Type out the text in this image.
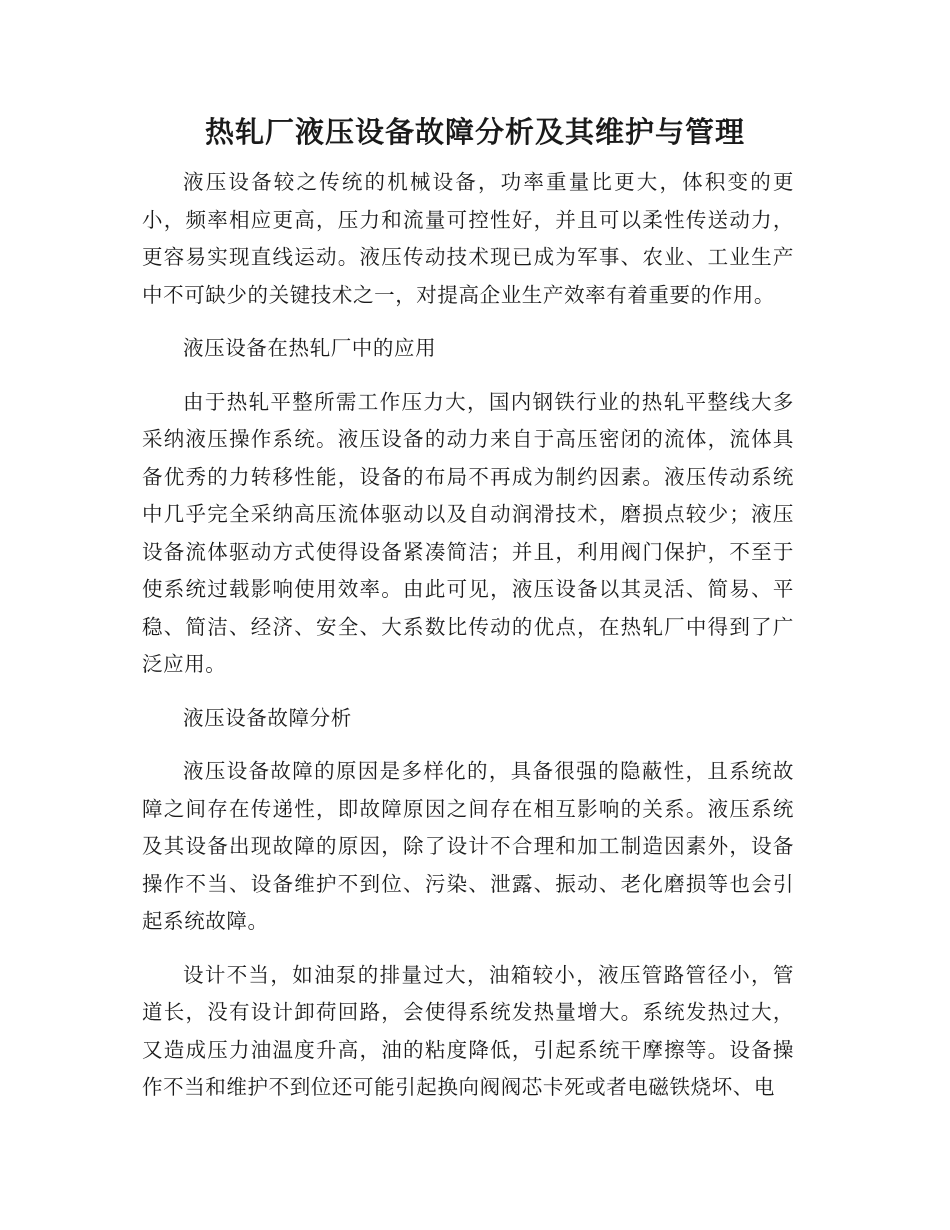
热轧厂液压设备故障分析及其维护与管理

液压设备较之传统的机械设备，功率重量比更大，体积变的更小，频率相应更高，压力和流量可控性好，并且可以柔性传送动力，更容易实现直线运动。液压传动技术现已成为军事、农业、工业生产中不可缺少的关键技术之一，对提高企业生产效率有着重要的作用。

液压设备在热轧厂中的应用

由于热轧平整所需工作压力大，国内钢铁行业的热轧平整线大多采纳液压操作系统。液压设备的动力来自于高压密闭的流体，流体具备优秀的力转移性能，设备的布局不再成为制约因素。液压传动系统中几乎完全采纳高压流体驱动以及自动润滑技术，磨损点较少；液压设备流体驱动方式使得设备紧凑简洁；并且，利用阀门保护，不至于使系统过载影响使用效率。由此可见，液压设备以其灵活、简易、平稳、简洁、经济、安全、大系数比传动的优点，在热轧厂中得到了广泛应用。

液压设备故障分析

液压设备故障的原因是多样化的，具备很强的隐蔽性，且系统故障之间存在传递性，即故障原因之间存在相互影响的关系。液压系统及其设备出现故障的原因，除了设计不合理和加工制造因素外，设备操作不当、设备维护不到位、污染、泄露、振动、老化磨损等也会引起系统故障。

设计不当，如油泵的排量过大，油箱较小，液压管路管径小，管道长，没有设计卸荷回路，会使得系统发热量增大。系统发热过大，又造成压力油温度升高，油的粘度降低，引起系统干摩擦等。设备操作不当和维护不到位还可能引起换向阀阀芯卡死或者电磁铁烧坏、电
